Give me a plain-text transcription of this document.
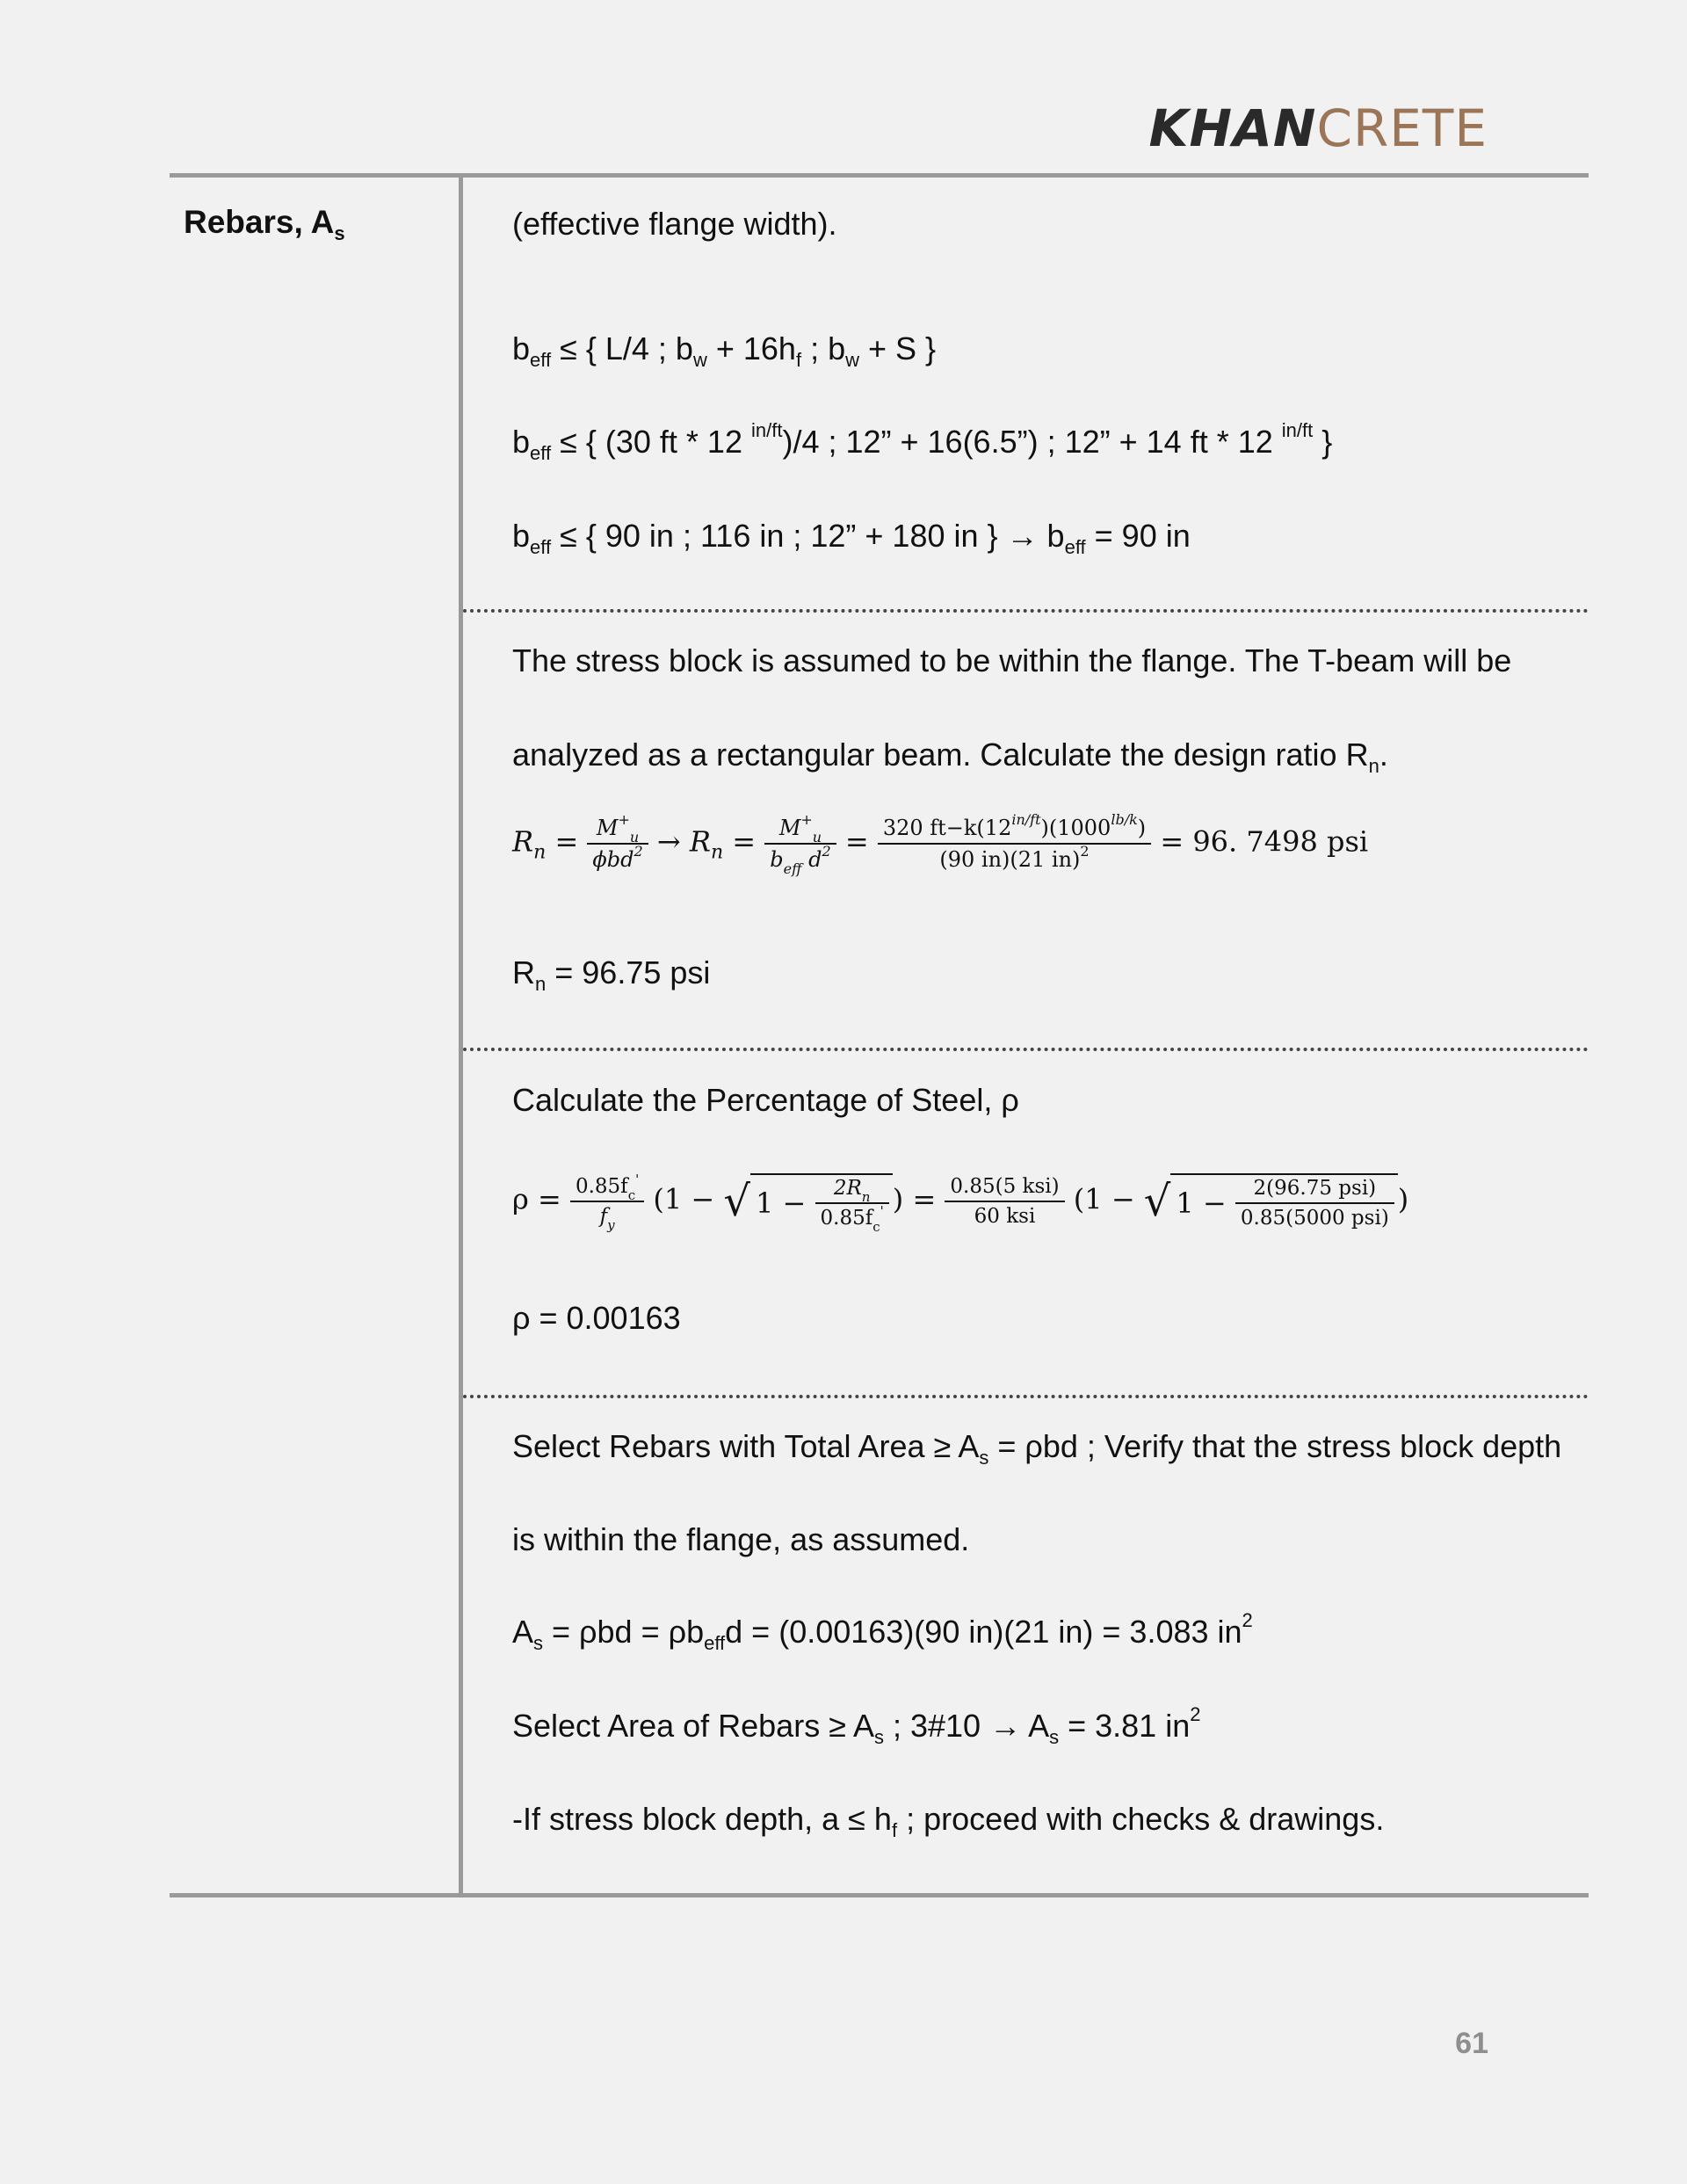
KHANCRETE
Rebars, $A_s$	(effective flange width).
$b_{eff}$ ≤ { L/4 ; $b_w + 16h_f$ ; $b_w + S$ }
$b_{eff}$ ≤ { (30 ft * 12 $^{in/ft}$)/4 ; 12” + 16(6.5”) ; 12” + 14 ft * 12 $^{in/ft}$ }
$b_{eff}$ ≤ { 90 in ; 116 in ; 12” + 180 in } → $b_{eff} = 90$ in
The stress block is assumed to be within the flange. The T-beam will be
analyzed as a rectangular beam. Calculate the design ratio $R_n$.
$R_n = \frac{M^+_u}{\phi bd^2} \to R_n = \frac{M^+_u}{b_{eff} d^2} = \frac{320 ft-k(12^{in/ft})(1000^{lb/k})}{(90 in)(21 in)^2} = 96$. 7498 psi
$R_n = 96.75$ psi
Calculate the Percentage of Steel, ρ
$\rho = \frac{0.85f_c'}{f_y} (1$ − √ 1 −
$\frac{2R_n}{0.85f_c'}$ ) = $\frac{\text{0.85(5 ksi)}}{\text{60 ksi}} (1$ − √ 1 −
$\frac{\text{2(96.75 psi)}}{\text{0.85(5000 psi)}}$ )
ρ = 0.00163
Select Rebars with Total Area ≥ $A_s = \rho bd$ ; Verify that the stress block depth
is within the flange, as assumed.
$A_s = \rho bd = \rho b_{eff}d = (0.00163)(90$ in)(21 in) = 3.083 $in^2$
Select Area of Rebars ≥ $A_s$ ; 3#10 → $A_s = 3.81$ $in^2$
-If stress block depth, $a \le h_f$ ; proceed with checks & drawings.
61
